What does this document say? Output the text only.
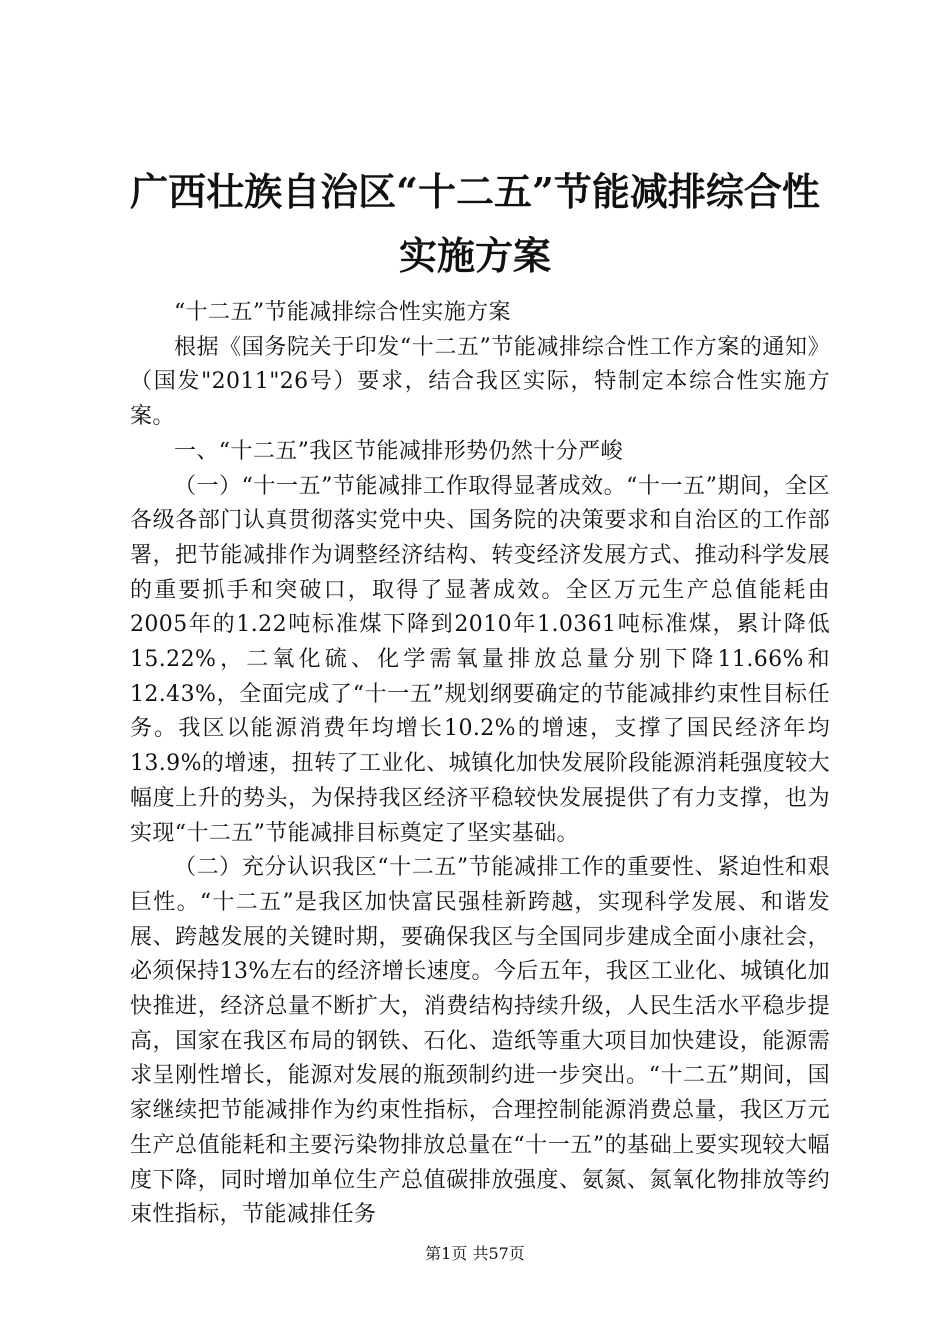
广西壮族自治区“十二五”节能减排综合性实施方案

“十二五”节能减排综合性实施方案

根据《国务院关于印发“十二五”节能减排综合性工作方案的通知》（国发"2011"26号）要求，结合我区实际，特制定本综合性实施方案。

一、“十二五”我区节能减排形势仍然十分严峻

（一）“十一五”节能减排工作取得显著成效。“十一五”期间，全区各级各部门认真贯彻落实党中央、国务院的决策要求和自治区的工作部署，把节能减排作为调整经济结构、转变经济发展方式、推动科学发展的重要抓手和突破口，取得了显著成效。全区万元生产总值能耗由2005年的1.22吨标准煤下降到2010年1.0361吨标准煤，累计降低15.22%，二氧化硫、化学需氧量排放总量分别下降11.66%和12.43%，全面完成了“十一五”规划纲要确定的节能减排约束性目标任务。我区以能源消费年均增长10.2%的增速，支撑了国民经济年均13.9%的增速，扭转了工业化、城镇化加快发展阶段能源消耗强度较大幅度上升的势头，为保持我区经济平稳较快发展提供了有力支撑，也为实现“十二五”节能减排目标奠定了坚实基础。

（二）充分认识我区“十二五”节能减排工作的重要性、紧迫性和艰巨性。“十二五”是我区加快富民强桂新跨越，实现科学发展、和谐发展、跨越发展的关键时期，要确保我区与全国同步建成全面小康社会，必须保持13%左右的经济增长速度。今后五年，我区工业化、城镇化加快推进，经济总量不断扩大，消费结构持续升级，人民生活水平稳步提高，国家在我区布局的钢铁、石化、造纸等重大项目加快建设，能源需求呈刚性增长，能源对发展的瓶颈制约进一步突出。“十二五”期间，国家继续把节能减排作为约束性指标，合理控制能源消费总量，我区万元生产总值能耗和主要污染物排放总量在“十一五”的基础上要实现较大幅度下降，同时增加单位生产总值碳排放强度、氨氮、氮氧化物排放等约束性指标，节能减排任务

第1页 共57页
